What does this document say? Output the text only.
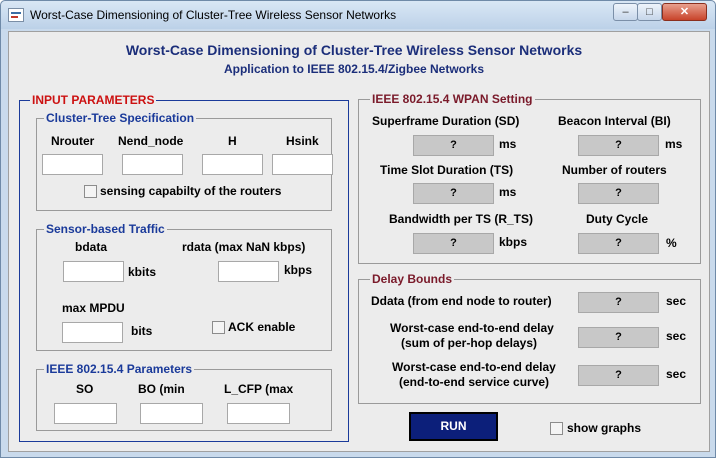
Worst-Case Dimensioning of Cluster-Tree Wireless Sensor Networks	–	□	✕
Worst-Case Dimensioning of Cluster-Tree Wireless Sensor Networks
Application to IEEE 802.15.4/Zigbee Networks
INPUT PARAMETERS
Cluster-Tree Specification
Nrouter Nend_node	H	Hsink
sensing capabilty of the routers
Sensor-based Traffic
bdata
kbits
rdata (max NaN kbps)
kbps
max MPDU
bits	ACK enable
IEEE 802.15.4 Parameters
SO	BO (min	L_CFP (max
IEEE 802.15.4 WPAN Setting
Superframe Duration (SD)
?	ms
Beacon Interval (BI)
?	ms
Time Slot Duration (TS)
?	ms
Number of routers
?
Bandwidth per TS (R_TS)
?	kbps
Duty Cycle
?	%
Delay Bounds
Ddata (from end node to router)	?	sec
Worst-case end-to-end delay
(sum of per-hop delays)	?	sec
Worst-case end-to-end delay
(end-to-end service curve)	?	sec
RUN	show graphs
